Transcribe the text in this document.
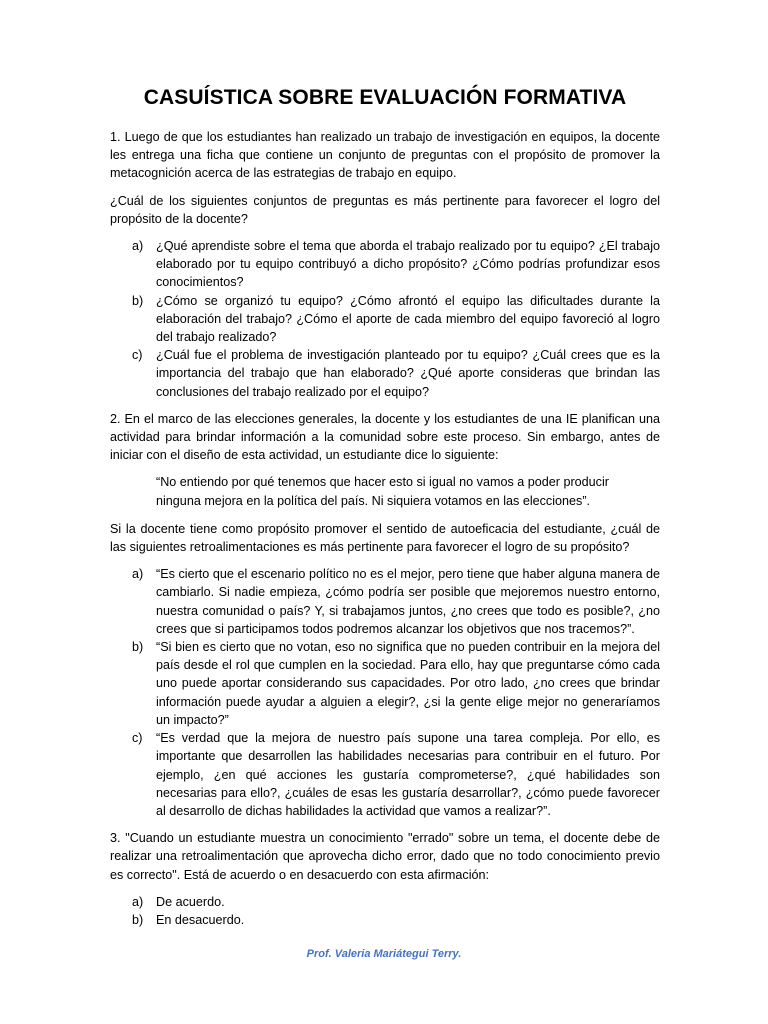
CASUÍSTICA SOBRE EVALUACIÓN FORMATIVA

1. Luego de que los estudiantes han realizado un trabajo de investigación en equipos, la docente les entrega una ficha que contiene un conjunto de preguntas con el propósito de promover la metacognición acerca de las estrategias de trabajo en equipo.

¿Cuál de los siguientes conjuntos de preguntas es más pertinente para favorecer el logro del propósito de la docente?

a) ¿Qué aprendiste sobre el tema que aborda el trabajo realizado por tu equipo? ¿El trabajo elaborado por tu equipo contribuyó a dicho propósito? ¿Cómo podrías profundizar esos conocimientos?
b) ¿Cómo se organizó tu equipo? ¿Cómo afrontó el equipo las dificultades durante la elaboración del trabajo? ¿Cómo el aporte de cada miembro del equipo favoreció al logro del trabajo realizado?
c) ¿Cuál fue el problema de investigación planteado por tu equipo? ¿Cuál crees que es la importancia del trabajo que han elaborado? ¿Qué aporte consideras que brindan las conclusiones del trabajo realizado por el equipo?

2. En el marco de las elecciones generales, la docente y los estudiantes de una IE planifican una actividad para brindar información a la comunidad sobre este proceso. Sin embargo, antes de iniciar con el diseño de esta actividad, un estudiante dice lo siguiente:

“No entiendo por qué tenemos que hacer esto si igual no vamos a poder producir ninguna mejora en la política del país. Ni siquiera votamos en las elecciones”.

Si la docente tiene como propósito promover el sentido de autoeficacia del estudiante, ¿cuál de las siguientes retroalimentaciones es más pertinente para favorecer el logro de su propósito?

a) “Es cierto que el escenario político no es el mejor, pero tiene que haber alguna manera de cambiarlo. Si nadie empieza, ¿cómo podría ser posible que mejoremos nuestro entorno, nuestra comunidad o país? Y, si trabajamos juntos, ¿no crees que todo es posible?, ¿no crees que si participamos todos podremos alcanzar los objetivos que nos tracemos?”.
b) “Si bien es cierto que no votan, eso no significa que no pueden contribuir en la mejora del país desde el rol que cumplen en la sociedad. Para ello, hay que preguntarse cómo cada uno puede aportar considerando sus capacidades. Por otro lado, ¿no crees que brindar información puede ayudar a alguien a elegir?, ¿si la gente elige mejor no generaríamos un impacto?”
c) “Es verdad que la mejora de nuestro país supone una tarea compleja. Por ello, es importante que desarrollen las habilidades necesarias para contribuir en el futuro. Por ejemplo, ¿en qué acciones les gustaría comprometerse?, ¿qué habilidades son necesarias para ello?, ¿cuáles de esas les gustaría desarrollar?, ¿cómo puede favorecer al desarrollo de dichas habilidades la actividad que vamos a realizar?”.

3. "Cuando un estudiante muestra un conocimiento "errado" sobre un tema, el docente debe de realizar una retroalimentación que aprovecha dicho error, dado que no todo conocimiento previo es correcto". Está de acuerdo o en desacuerdo con esta afirmación:

a) De acuerdo.
b) En desacuerdo.
Prof. Valeria Mariátegui Terry.
